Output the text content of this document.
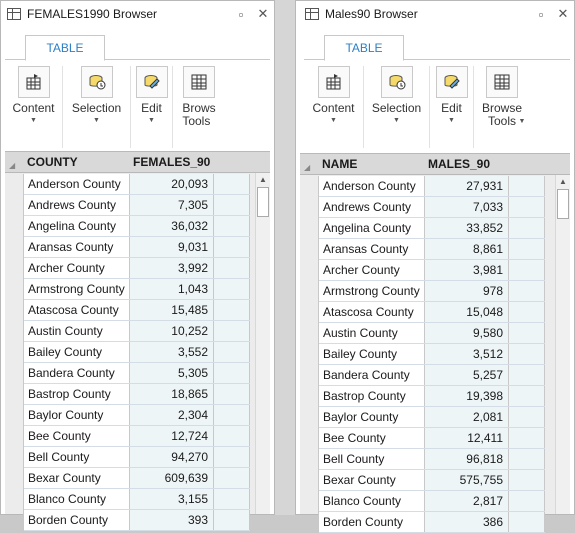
FEMALES1990 Browser	▫	✕
TABLE
Content
▼
Selection
▼
Edit
▼
Brows
Tools
◢ COUNTY	FEMALES_90
Anderson County	20,093
Andrews County	7,305
Angelina County	36,032
Aransas County	9,031
Archer County	3,992
Armstrong County	1,043
Atascosa County	15,485
Austin County	10,252
Bailey County	3,552
Bandera County	5,305
Bastrop County	18,865
Baylor County	2,304
Bee County	12,724
Bell County	94,270
Bexar County	609,639
Blanco County	3,155
Borden County	393
▲
Males90 Browser	▫	✕
TABLE
Content
▼
Selection
▼
Edit
▼
Browse
Tools ▼
◢ NAME	MALES_90
Anderson County	27,931
Andrews County	7,033
Angelina County	33,852
Aransas County	8,861
Archer County	3,981
Armstrong County	978
Atascosa County	15,048
Austin County	9,580
Bailey County	3,512
Bandera County	5,257
Bastrop County	19,398
Baylor County	2,081
Bee County	12,411
Bell County	96,818
Bexar County	575,755
Blanco County	2,817
Borden County	386
▲
